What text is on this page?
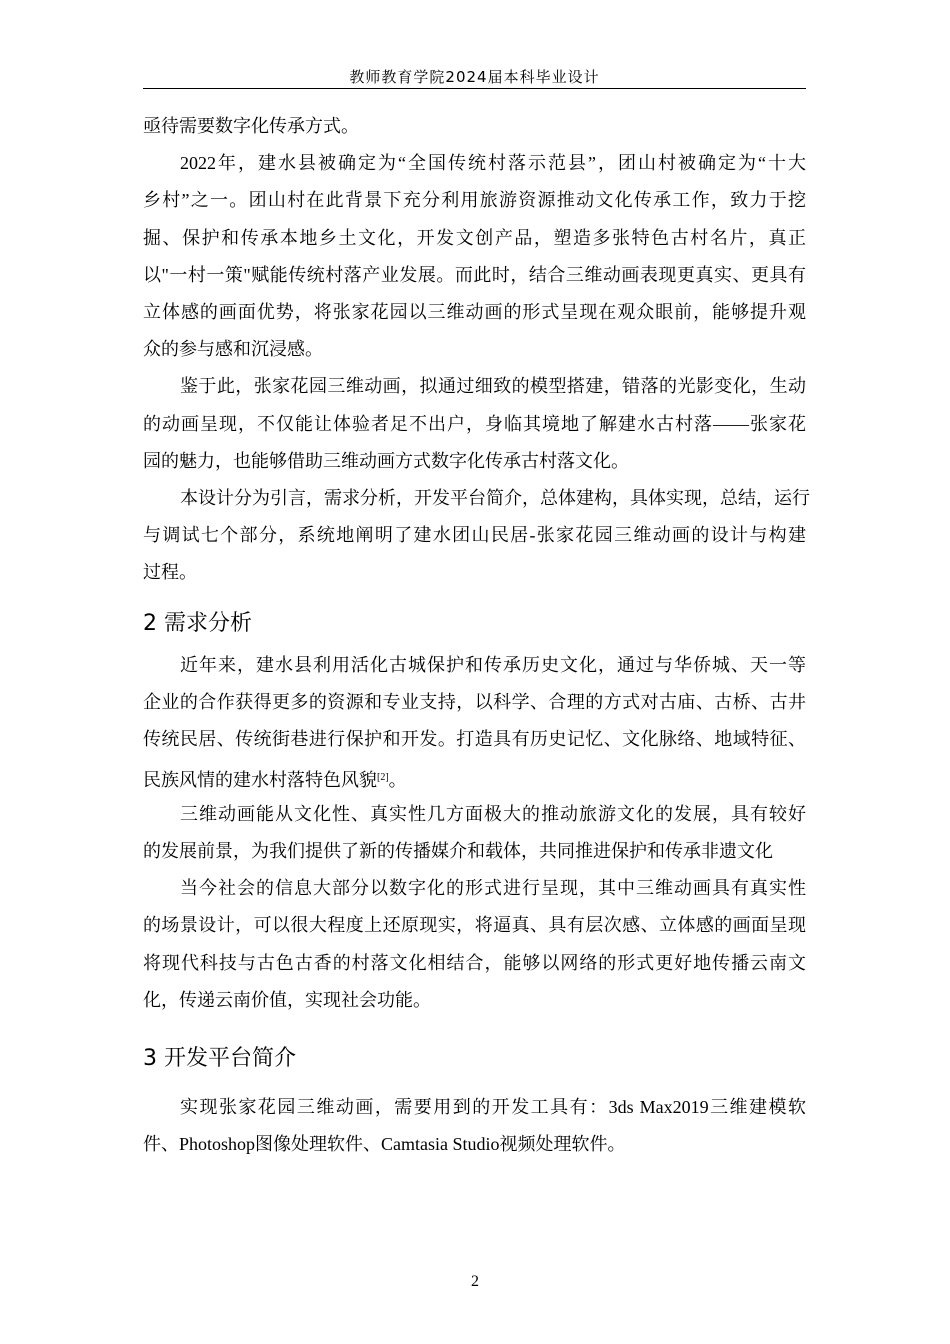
教师教育学院2024届本科毕业设计
亟待需要数字化传承方式。
2022年，建水县被确定为“全国传统村落示范县”，团山村被确定为“十大
乡村”之一。团山村在此背景下充分利用旅游资源推动文化传承工作，致力于挖
掘、保护和传承本地乡土文化，开发文创产品，塑造多张特色古村名片，真正
以"一村一策"赋能传统村落产业发展。而此时，结合三维动画表现更真实、更具有
立体感的画面优势，将张家花园以三维动画的形式呈现在观众眼前，能够提升观
众的参与感和沉浸感。
鉴于此，张家花园三维动画，拟通过细致的模型搭建，错落的光影变化，生动
的动画呈现，不仅能让体验者足不出户，身临其境地了解建水古村落——张家花
园的魅力，也能够借助三维动画方式数字化传承古村落文化。
本设计分为引言，需求分析，开发平台简介，总体建构，具体实现，总结，运行
与调试七个部分，系统地阐明了建水团山民居-张家花园三维动画的设计与构建
过程。
2 需求分析
近年来，建水县利用活化古城保护和传承历史文化，通过与华侨城、天一等
企业的合作获得更多的资源和专业支持，以科学、合理的方式对古庙、古桥、古井
传统民居、传统街巷进行保护和开发。打造具有历史记忆、文化脉络、地域特征、
民族风情的建水村落特色风貌[2]。
三维动画能从文化性、真实性几方面极大的推动旅游文化的发展，具有较好
的发展前景，为我们提供了新的传播媒介和载体，共同推进保护和传承非遗文化
当今社会的信息大部分以数字化的形式进行呈现，其中三维动画具有真实性
的场景设计，可以很大程度上还原现实，将逼真、具有层次感、立体感的画面呈现
将现代科技与古色古香的村落文化相结合，能够以网络的形式更好地传播云南文
化，传递云南价值，实现社会功能。
3 开发平台简介
实现张家花园三维动画，需要用到的开发工具有：3ds Max2019三维建模软
件、Photoshop图像处理软件、Camtasia Studio视频处理软件。
2
